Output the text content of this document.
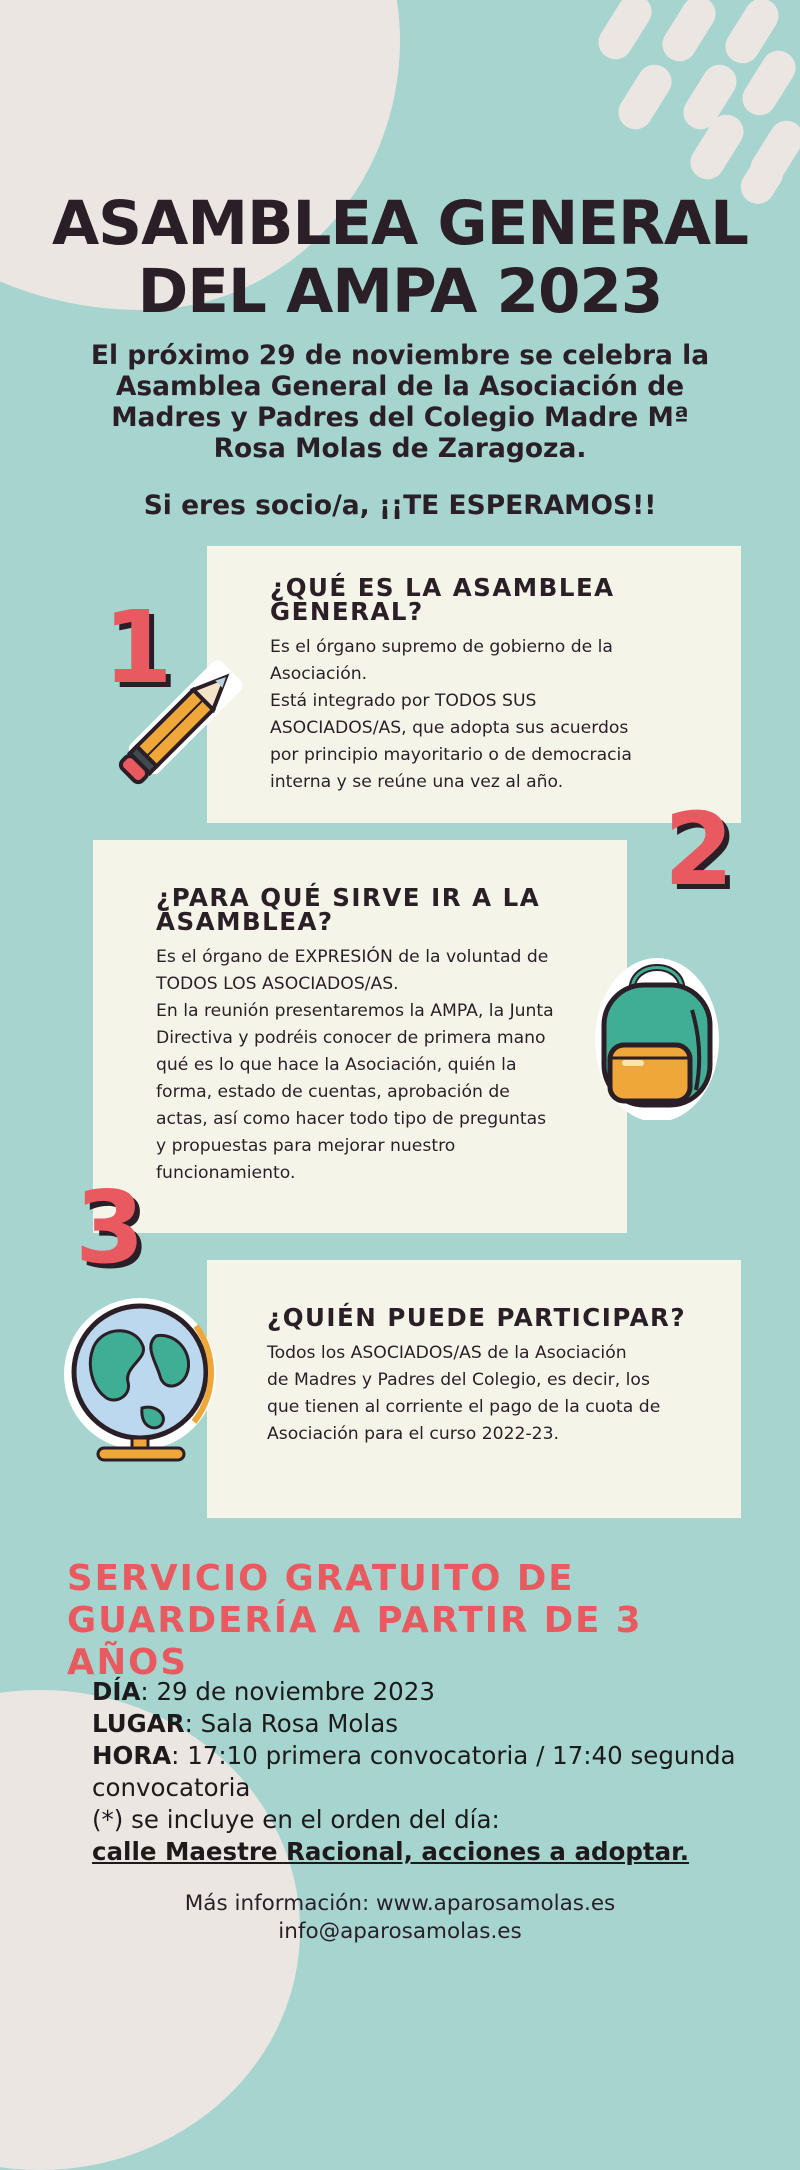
ASAMBLEA GENERAL
DEL AMPA 2023
El próximo 29 de noviembre se celebra la Asamblea General de la Asociación de Madres y Padres del Colegio Madre Mª Rosa Molas de Zaragoza.
Si eres socio/a, ¡¡TE ESPERAMOS!!
¿QUÉ ES LA ASAMBLEA GENERAL?

Es el órgano supremo de gobierno de la

Asociación.

Está integrado por TODOS SUS

ASOCIADOS/AS, que adopta sus acuerdos

por principio mayoritario o de democracia

interna y se reúne una vez al año.

1
¿PARA QUÉ SIRVE IR A LA ASAMBLEA?

Es el órgano de EXPRESIÓN de la voluntad de

TODOS LOS ASOCIADOS/AS.

En la reunión presentaremos la AMPA, la Junta

Directiva y podréis conocer de primera mano

qué es lo que hace la Asociación, quién la

forma, estado de cuentas, aprobación de

actas, así como hacer todo tipo de preguntas

y propuestas para mejorar nuestro

funcionamiento.

2
¿QUIÉN PUEDE PARTICIPAR?

Todos los ASOCIADOS/AS de la Asociación

de Madres y Padres del Colegio, es decir, los

que tienen al corriente el pago de la cuota de

Asociación para el curso 2022-23.

3
SERVICIO GRATUITO DE
GUARDERÍA A PARTIR DE 3 AÑOS
DÍA: 29 de noviembre 2023
LUGAR: Sala Rosa Molas
HORA: 17:10 primera convocatoria / 17:40 segunda convocatoria
(*) se incluye en el orden del día:
calle Maestre Racional, acciones a adoptar.
Más información: www.aparosamolas.es
info@aparosamolas.es
